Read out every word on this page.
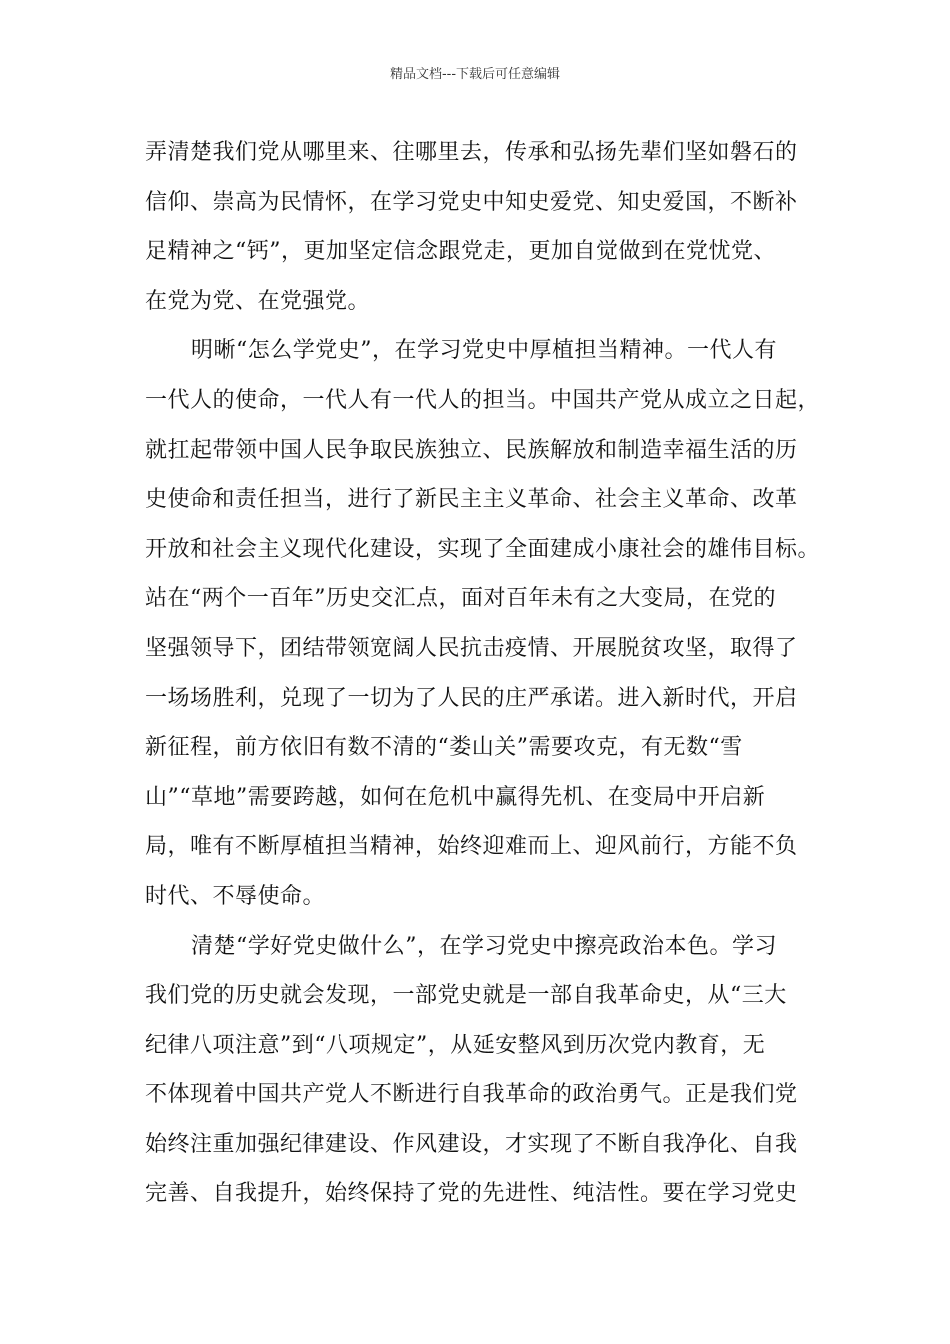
精品文档---下载后可任意编辑
弄清楚我们党从哪里来、往哪里去，传承和弘扬先辈们坚如磐石的
信仰、崇高为民情怀，在学习党史中知史爱党、知史爱国，不断补
足精神之“钙”，更加坚定信念跟党走，更加自觉做到在党忧党、
在党为党、在党强党。
明晰“怎么学党史”，在学习党史中厚植担当精神。一代人有
一代人的使命，一代人有一代人的担当。中国共产党从成立之日起，
就扛起带领中国人民争取民族独立、民族解放和制造幸福生活的历
史使命和责任担当，进行了新民主主义革命、社会主义革命、改革
开放和社会主义现代化建设，实现了全面建成小康社会的雄伟目标。
站在“两个一百年”历史交汇点，面对百年未有之大变局，在党的
坚强领导下，团结带领宽阔人民抗击疫情、开展脱贫攻坚，取得了
一场场胜利，兑现了一切为了人民的庄严承诺。进入新时代，开启
新征程，前方依旧有数不清的“娄山关”需要攻克，有无数“雪
山”“草地”需要跨越，如何在危机中赢得先机、在变局中开启新
局，唯有不断厚植担当精神，始终迎难而上、迎风前行，方能不负
时代、不辱使命。
清楚“学好党史做什么”，在学习党史中擦亮政治本色。学习
我们党的历史就会发现，一部党史就是一部自我革命史，从“三大
纪律八项注意”到“八项规定”，从延安整风到历次党内教育，无
不体现着中国共产党人不断进行自我革命的政治勇气。正是我们党
始终注重加强纪律建设、作风建设，才实现了不断自我净化、自我
完善、自我提升，始终保持了党的先进性、纯洁性。要在学习党史
